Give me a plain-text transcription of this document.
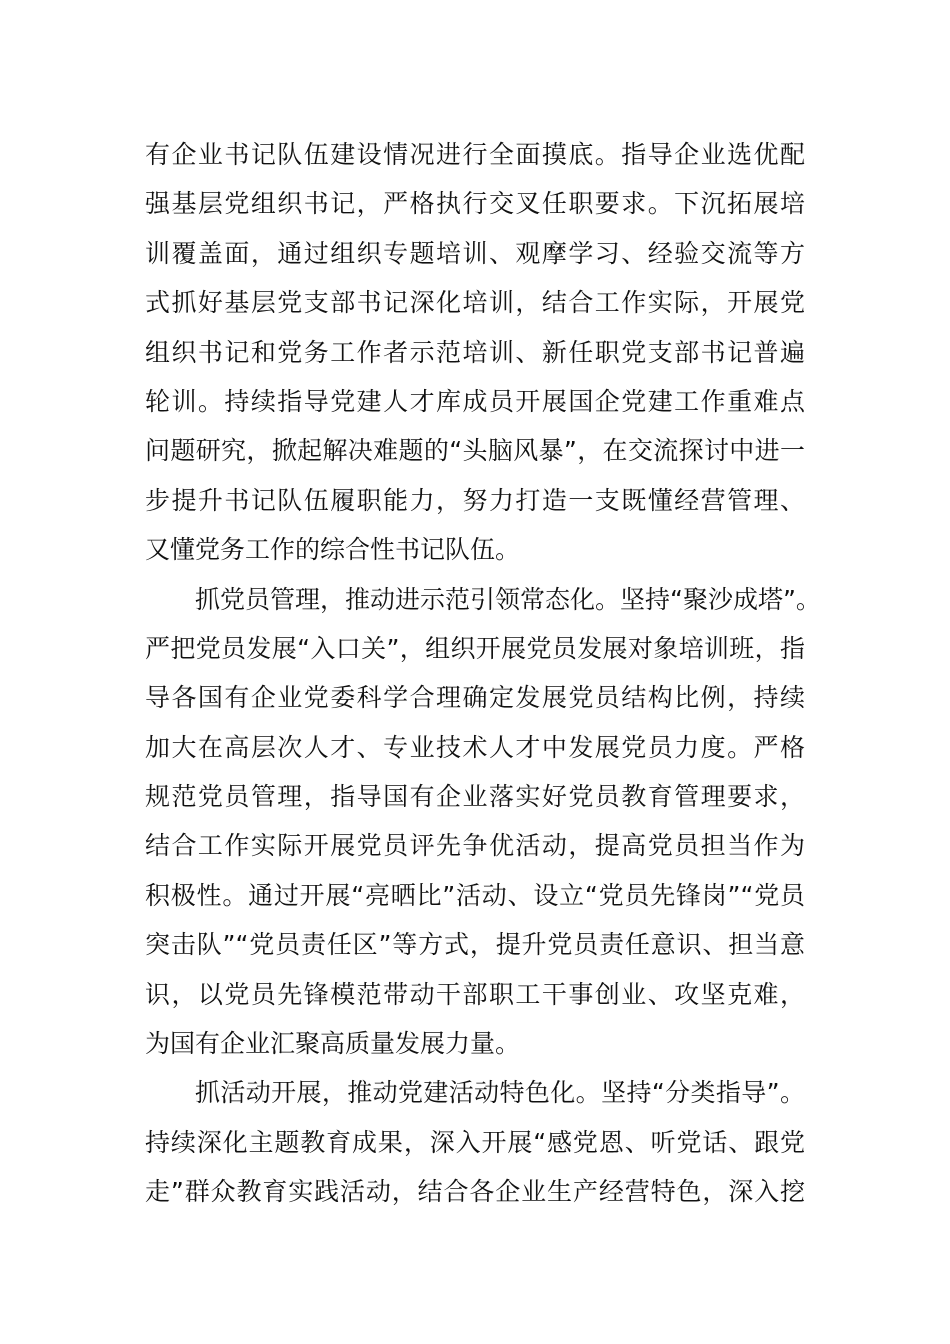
有企业书记队伍建设情况进行全面摸底。指导企业选优配
强基层党组织书记，严格执行交叉任职要求。下沉拓展培
训覆盖面，通过组织专题培训、观摩学习、经验交流等方
式抓好基层党支部书记深化培训，结合工作实际，开展党
组织书记和党务工作者示范培训、新任职党支部书记普遍
轮训。持续指导党建人才库成员开展国企党建工作重难点
问题研究，掀起解决难题的“头脑风暴”，在交流探讨中进一
步提升书记队伍履职能力，努力打造一支既懂经营管理、
又懂党务工作的综合性书记队伍。
抓党员管理，推动进示范引领常态化。坚持“聚沙成塔”。
严把党员发展“入口关”，组织开展党员发展对象培训班，指
导各国有企业党委科学合理确定发展党员结构比例，持续
加大在高层次人才、专业技术人才中发展党员力度。严格
规范党员管理，指导国有企业落实好党员教育管理要求，
结合工作实际开展党员评先争优活动，提高党员担当作为
积极性。通过开展“亮晒比”活动、设立“党员先锋岗”“党员
突击队”“党员责任区”等方式，提升党员责任意识、担当意
识，以党员先锋模范带动干部职工干事创业、攻坚克难，
为国有企业汇聚高质量发展力量。
抓活动开展，推动党建活动特色化。坚持“分类指导”。
持续深化主题教育成果，深入开展“感党恩、听党话、跟党
走”群众教育实践活动，结合各企业生产经营特色，深入挖
